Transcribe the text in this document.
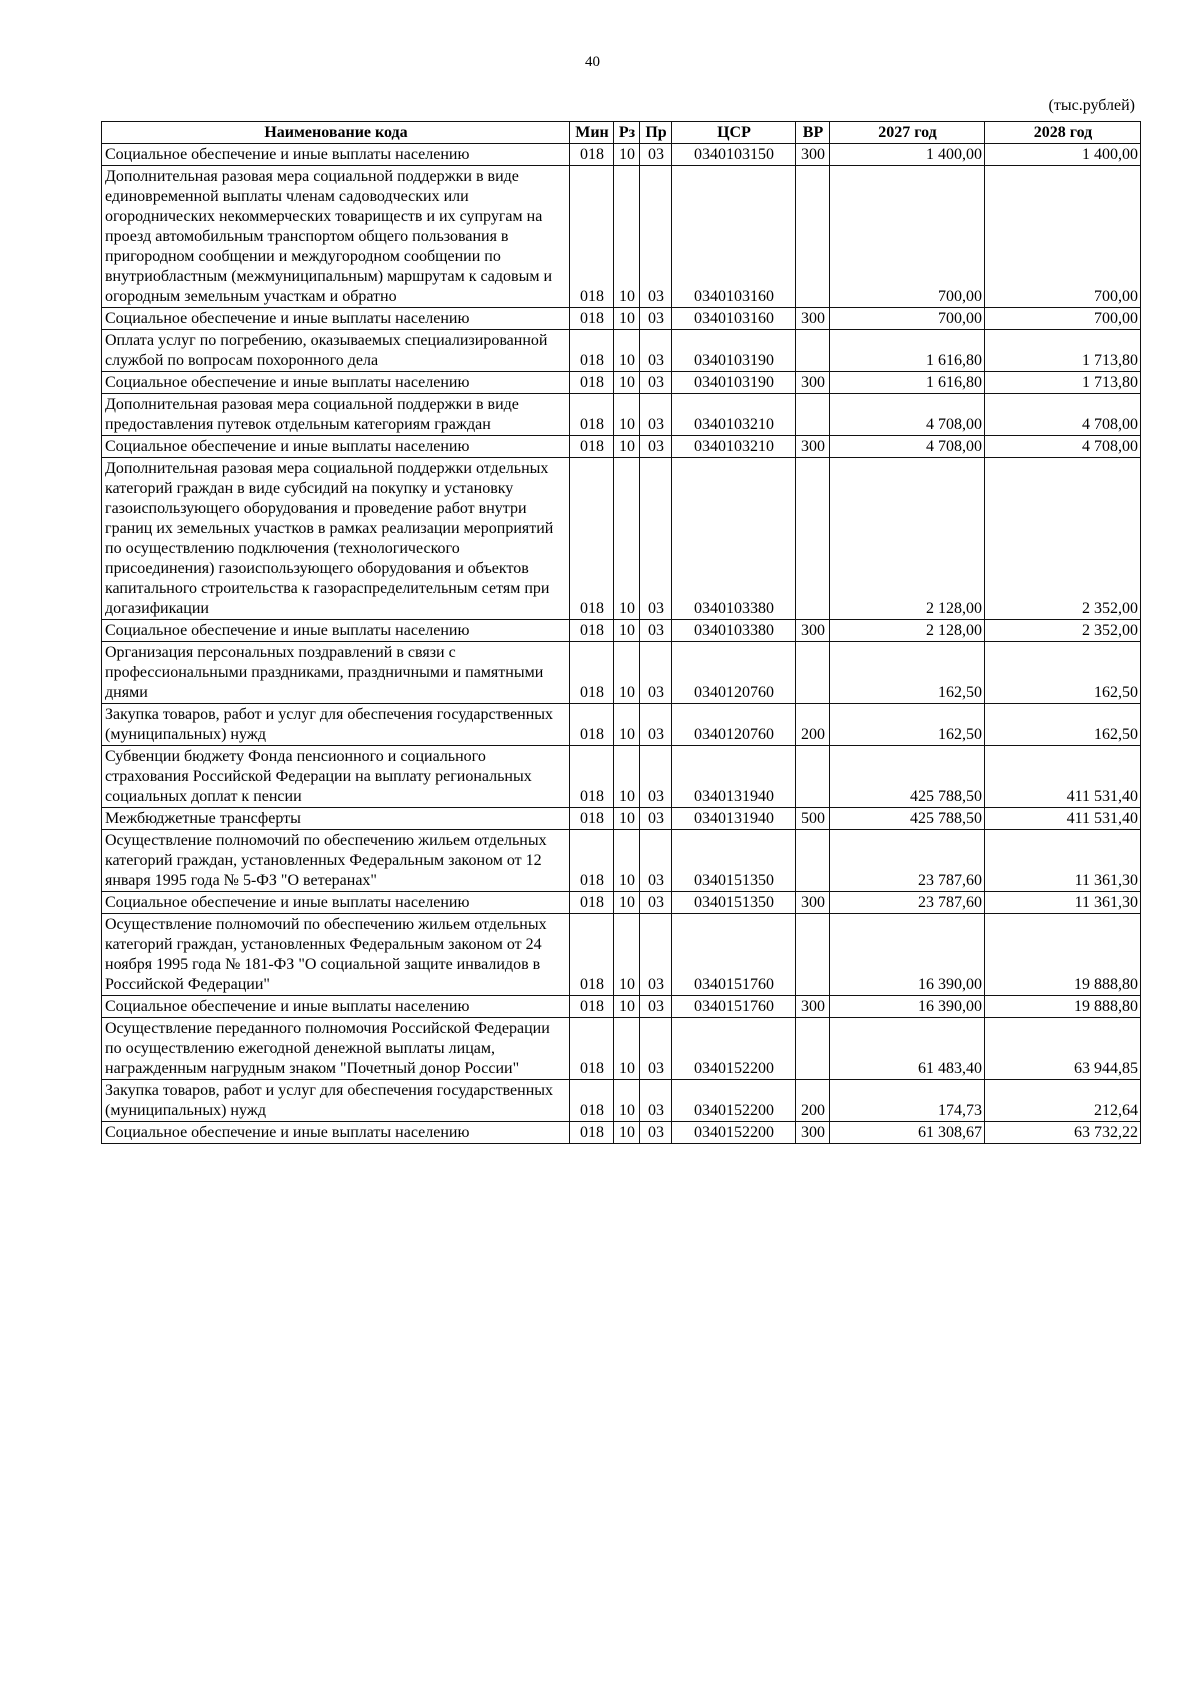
40
(тыс.рублей)
Наименование кода	Мин	Рз	Пр	ЦСР	ВР	2027 год	2028 год
Социальное обеспечение и иные выплаты населению	018	10	03	0340103150	300	1 400,00	1 400,00
Дополнительная разовая мера социальной поддержки в виде единовременной выплаты членам садоводческих или огороднических некоммерческих товариществ и их супругам на проезд автомобильным транспортом общего пользования в пригородном сообщении и междугородном сообщении по внутриобластным (межмуниципальным) маршрутам к садовым и огородным земельным участкам и обратно	018	10	03	0340103160		700,00	700,00
Социальное обеспечение и иные выплаты населению	018	10	03	0340103160	300	700,00	700,00
Оплата услуг по погребению, оказываемых специализированной службой по вопросам похоронного дела	018	10	03	0340103190		1 616,80	1 713,80
Социальное обеспечение и иные выплаты населению	018	10	03	0340103190	300	1 616,80	1 713,80
Дополнительная разовая мера социальной поддержки в виде предоставления путевок отдельным категориям граждан	018	10	03	0340103210		4 708,00	4 708,00
Социальное обеспечение и иные выплаты населению	018	10	03	0340103210	300	4 708,00	4 708,00
Дополнительная разовая мера социальной поддержки отдельных категорий граждан в виде субсидий на покупку и установку газоиспользующего оборудования и проведение работ внутри границ их земельных участков в рамках реализации мероприятий по осуществлению подключения (технологического присоединения) газоиспользующего оборудования и объектов капитального строительства к газораспределительным сетям при догазификации	018	10	03	0340103380		2 128,00	2 352,00
Социальное обеспечение и иные выплаты населению	018	10	03	0340103380	300	2 128,00	2 352,00
Организация персональных поздравлений в связи с профессиональными праздниками, праздничными и памятными днями	018	10	03	0340120760		162,50	162,50
Закупка товаров, работ и услуг для обеспечения государственных (муниципальных) нужд	018	10	03	0340120760	200	162,50	162,50
Субвенции бюджету Фонда пенсионного и социального страхования Российской Федерации на выплату региональных социальных доплат к пенсии	018	10	03	0340131940		425 788,50	411 531,40
Межбюджетные трансферты	018	10	03	0340131940	500	425 788,50	411 531,40
Осуществление полномочий по обеспечению жильем отдельных категорий граждан, установленных Федеральным законом от 12 января 1995 года № 5-ФЗ "О ветеранах"	018	10	03	0340151350		23 787,60	11 361,30
Социальное обеспечение и иные выплаты населению	018	10	03	0340151350	300	23 787,60	11 361,30
Осуществление полномочий по обеспечению жильем отдельных категорий граждан, установленных Федеральным законом от 24 ноября 1995 года № 181-ФЗ "О социальной защите инвалидов в Российской Федерации"	018	10	03	0340151760		16 390,00	19 888,80
Социальное обеспечение и иные выплаты населению	018	10	03	0340151760	300	16 390,00	19 888,80
Осуществление переданного полномочия Российской Федерации по осуществлению ежегодной денежной выплаты лицам, награжденным нагрудным знаком "Почетный донор России"	018	10	03	0340152200		61 483,40	63 944,85
Закупка товаров, работ и услуг для обеспечения государственных (муниципальных) нужд	018	10	03	0340152200	200	174,73	212,64
Социальное обеспечение и иные выплаты населению	018	10	03	0340152200	300	61 308,67	63 732,22
